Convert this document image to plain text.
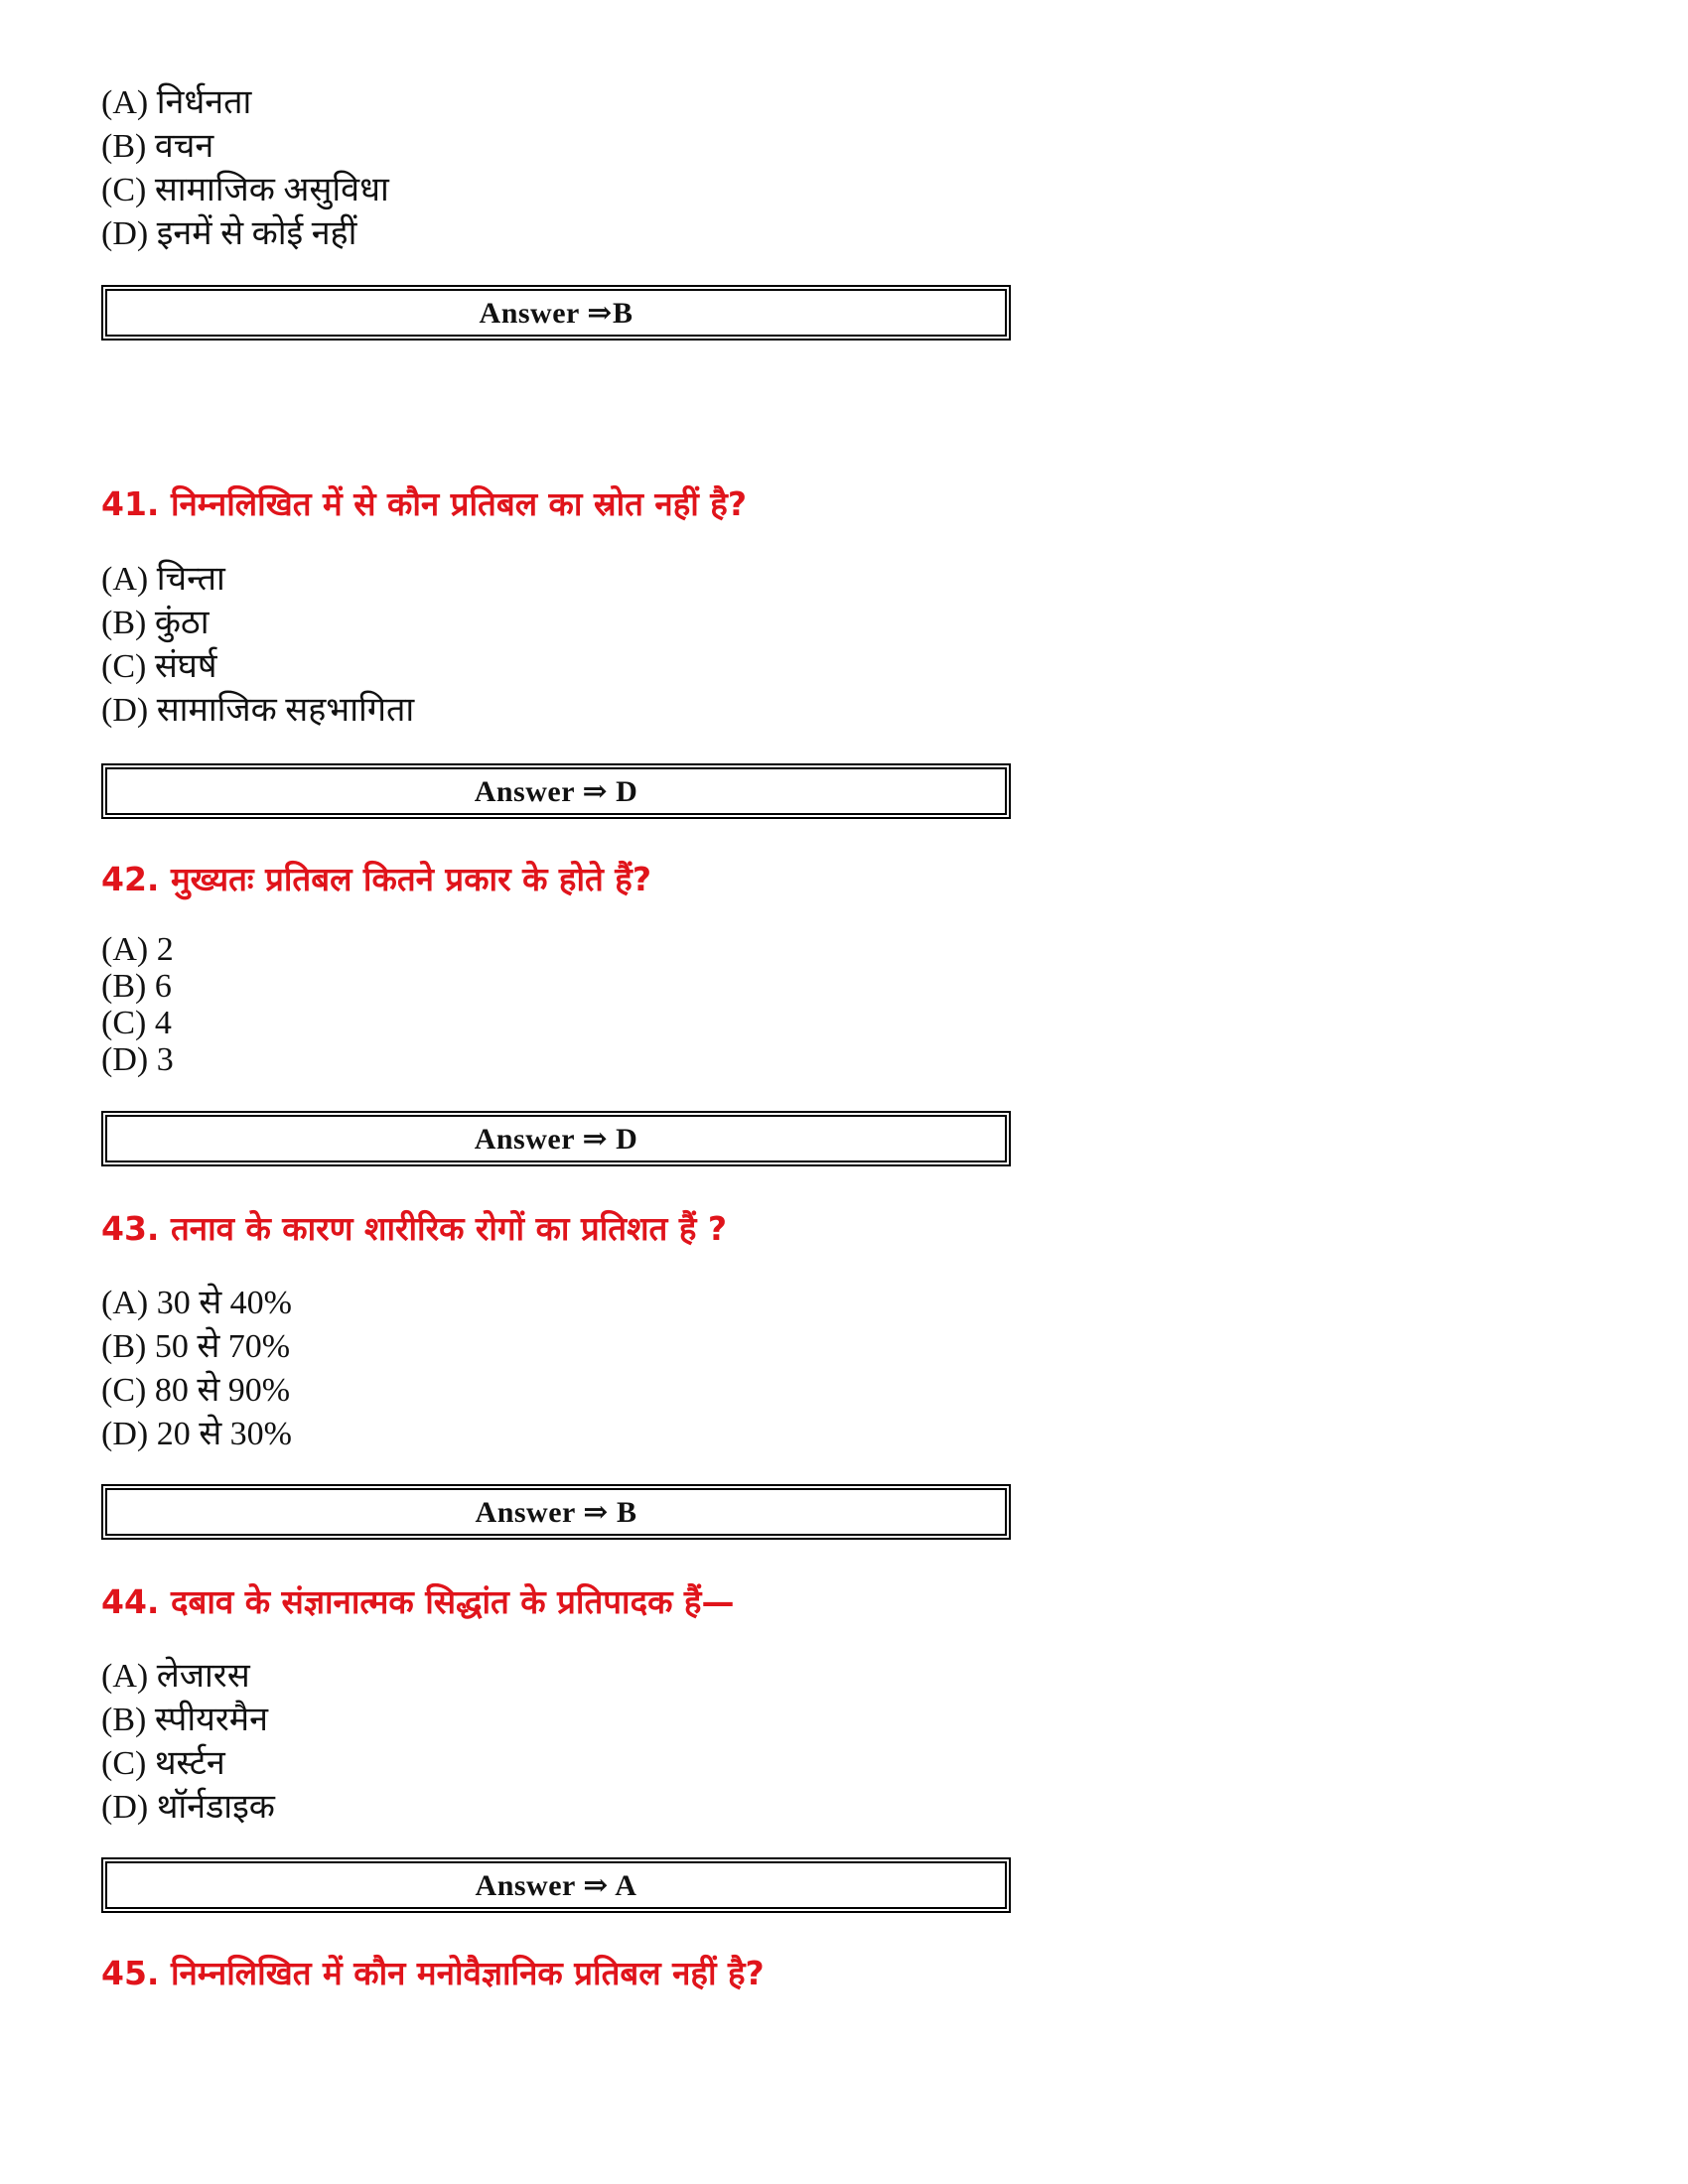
(A) निर्धनता
(B) वचन
(C) सामाजिक असुविधा
(D) इनमें से कोई नहीं
Answer ⇒B
41. निम्नलिखित में से कौन प्रतिबल का स्रोत नहीं है?
(A) चिन्ता
(B) कुंठा
(C) संघर्ष
(D) सामाजिक सहभागिता
Answer ⇒ D
42. मुख्यतः प्रतिबल कितने प्रकार के होते हैं?
(A) 2
(B) 6
(C) 4
(D) 3
Answer ⇒ D
43. तनाव के कारण शारीरिक रोगों का प्रतिशत हैं ?
(A) 30 से 40%
(B) 50 से 70%
(C) 80 से 90%
(D) 20 से 30%
Answer ⇒ B
44. दबाव के संज्ञानात्मक सिद्धांत के प्रतिपादक हैं—
(A) लेजारस
(B) स्पीयरमैन
(C) थर्स्टन
(D) थॉर्नडाइक
Answer ⇒ A
45. निम्नलिखित में कौन मनोवैज्ञानिक प्रतिबल नहीं है?
